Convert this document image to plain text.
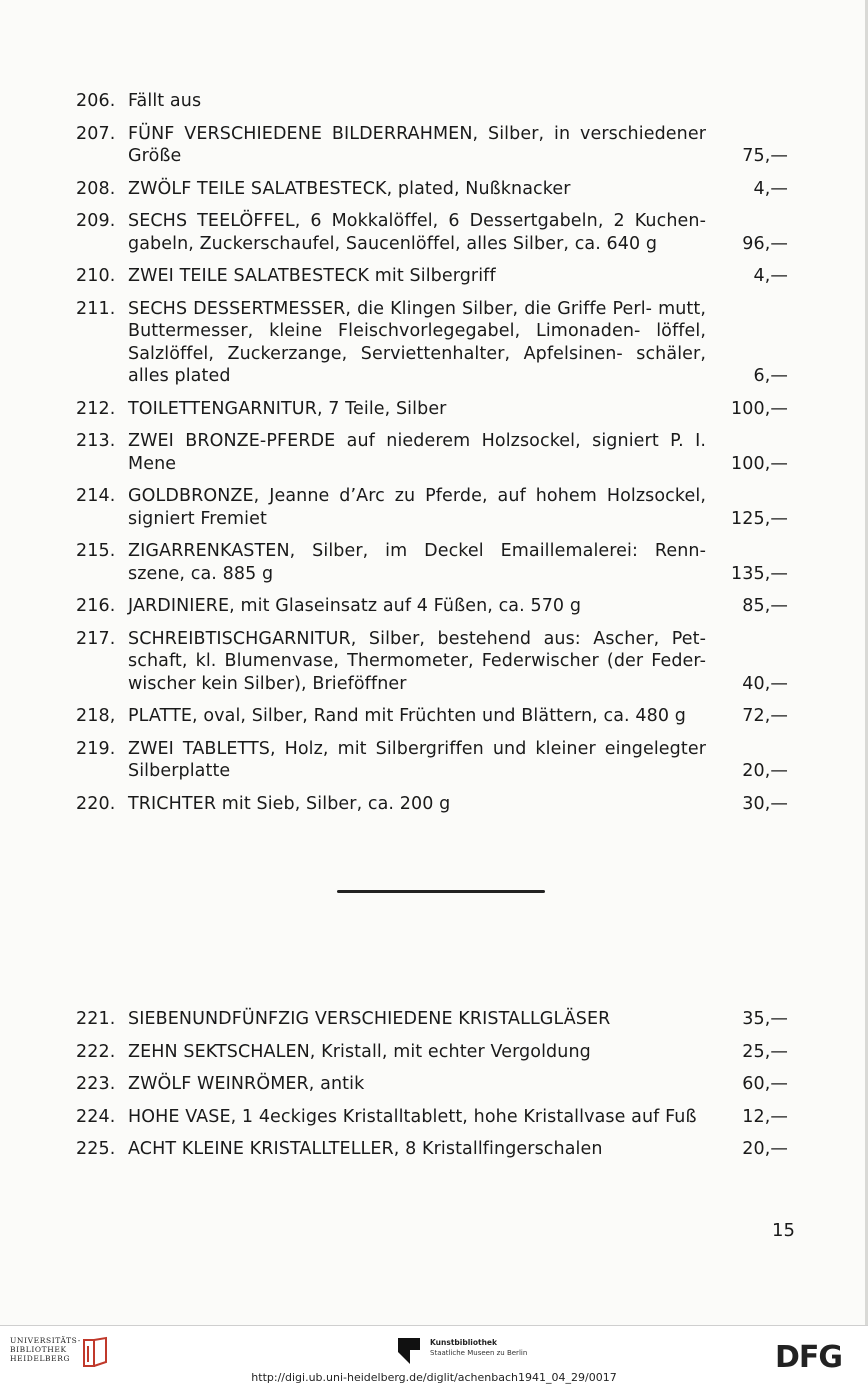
206. Fällt aus
207. FÜNF VERSCHIEDENE BILDERRAHMEN, Silber, in verschiedener Größe	75,—
208. ZWÖLF TEILE SALATBESTECK, plated, Nußknacker	4,—
209. SECHS TEELÖFFEL, 6 Mokkalöffel, 6 Dessertgabeln, 2 Kuchen- gabeln, Zuckerschaufel, Saucenlöffel, alles Silber, ca. 640 g	96,—
210. ZWEI TEILE SALATBESTECK mit Silbergriff	4,—
211. SECHS DESSERTMESSER, die Klingen Silber, die Griffe Perl- mutt, Buttermesser, kleine Fleischvorlegegabel, Limonaden- löffel, Salzlöffel, Zuckerzange, Serviettenhalter, Apfelsinen- schäler, alles plated	6,—
212. TOILETTENGARNITUR, 7 Teile, Silber	100,—
213. ZWEI BRONZE-PFERDE auf niederem Holzsockel, signiert P. I. Mene	100,—
214. GOLDBRONZE, Jeanne d’Arc zu Pferde, auf hohem Holzsockel, signiert Fremiet	125,—
215. ZIGARRENKASTEN, Silber, im Deckel Emaillemalerei: Renn- szene, ca. 885 g	135,—
216. JARDINIERE, mit Glaseinsatz auf 4 Füßen, ca. 570 g	85,—
217. SCHREIBTISCHGARNITUR, Silber, bestehend aus: Ascher, Pet- schaft, kl. Blumenvase, Thermometer, Federwischer (der Feder- wischer kein Silber), Brieföffner	40,—
218, PLATTE, oval, Silber, Rand mit Früchten und Blättern, ca. 480 g	72,—
219. ZWEI TABLETTS, Holz, mit Silbergriffen und kleiner eingelegter Silberplatte	20,—
220. TRICHTER mit Sieb, Silber, ca. 200 g	30,—
221. SIEBENUNDFÜNFZIG VERSCHIEDENE KRISTALLGLÄSER	35,—
222. ZEHN SEKTSCHALEN, Kristall, mit echter Vergoldung	25,—
223. ZWÖLF WEINRÖMER, antik	60,—
224. HOHE VASE, 1 4eckiges Kristalltablett, hohe Kristallvase auf Fuß	12,—
225. ACHT KLEINE KRISTALLTELLER, 8 Kristallfingerschalen	20,—
15
UNIVERSITÄTS-
BIBLIOTHEK
HEIDELBERG
Kunstbibliothek
Staatliche Museen zu Berlin	DFG
http://digi.ub.uni-heidelberg.de/diglit/achenbach1941_04_29/0017
